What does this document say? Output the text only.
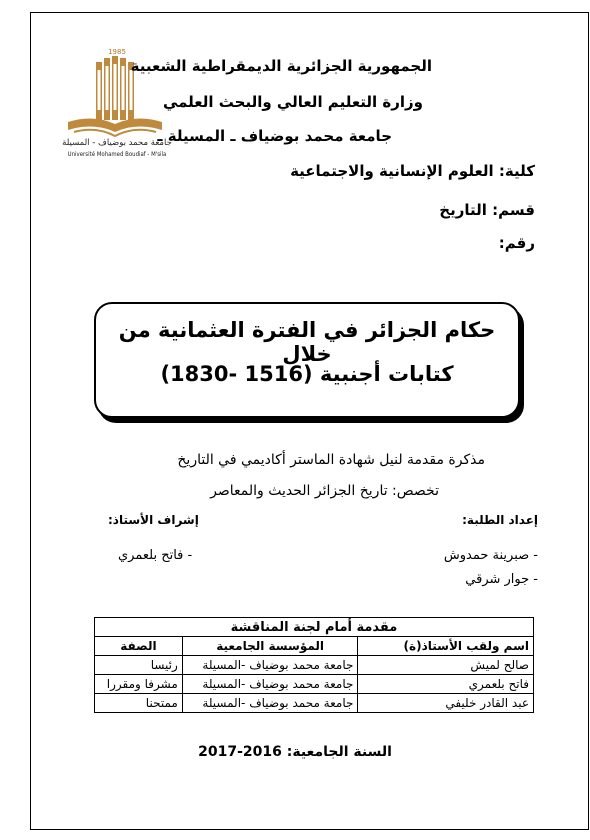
1985
جامعة محمد بوضياف - المسيلة
Université Mohamed Boudiaf - M'sila
الجمهورية الجزائرية الديمقراطية الشعبية
وزارة التعليم العالي والبحث العلمي
جامعة محمد بوضياف ـ المسيلة ـ
كلية: العلوم الإنسانية والاجتماعية
قسم: التاريخ
رقم:
حكام الجزائر في الفترة العثمانية من خلال
كتابات أجنبية (1516 -1830)
مذكرة مقدمة لنيل شهادة الماستر أكاديمي في التاريخ
تخصص: تاريخ الجزائر الحديث والمعاصر
إعداد الطلبة:
إشراف الأستاذ:
- صبرينة حمدوش
- جوار شرقي
- فاتح بلعمري
مقدمة أمام لجنة المناقشة		
اسم ولقب الأستاذ(ة)	المؤسسة الجامعية	الصفة
صالح لميش	جامعة محمد بوضياف -المسيلة	رئيسا
فاتح بلعمري	جامعة محمد بوضياف -المسيلة	مشرفا ومقررا
عبد القادر خليفي	جامعة محمد بوضياف -المسيلة	ممتحنا
السنة الجامعية: 2016-2017
